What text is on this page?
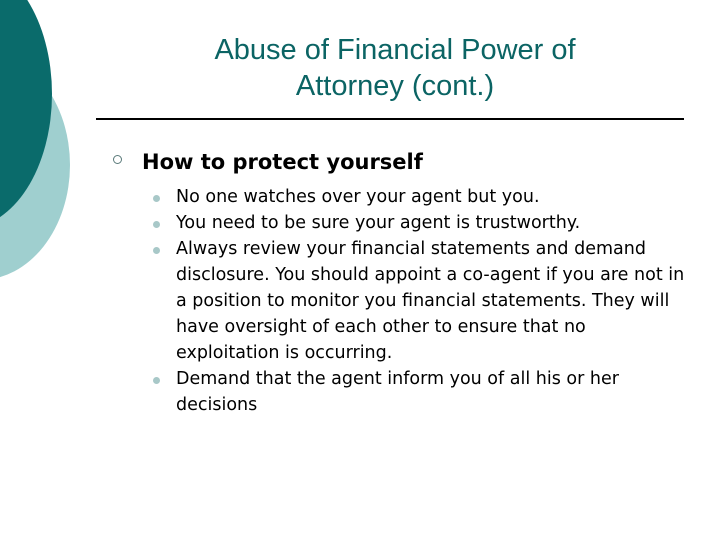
Abuse of Financial Power of
Attorney (cont.)
How to protect yourself
No one watches over your agent but you.
You need to be sure your agent is trustworthy.
Always review your financial statements and demand disclosure. You should appoint a co-agent if you are not in a position to monitor you financial statements. They will have oversight of each other to ensure that no exploitation is occurring.
Demand that the agent inform you of all his or her decisions
